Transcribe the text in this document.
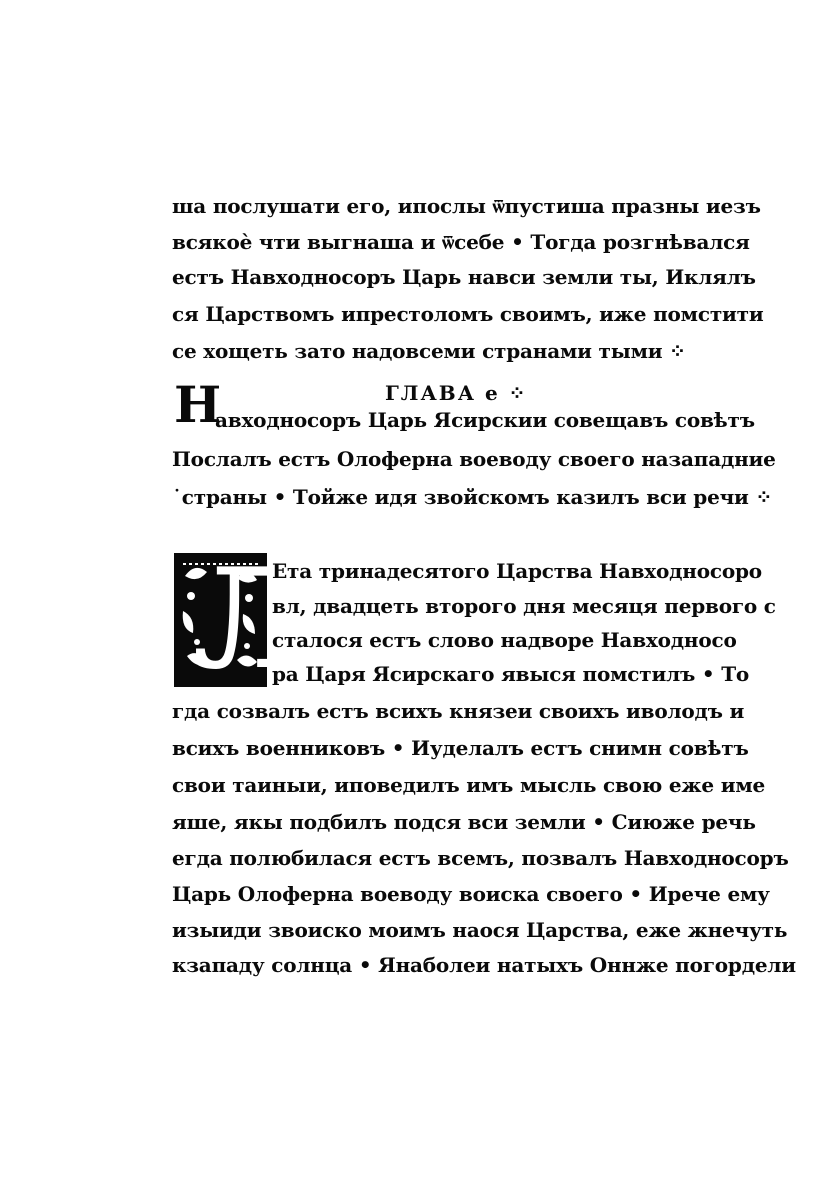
ша послушати его, ипослы ѿпустиша празны иезъ
всякоѐ чти выгнаша и ѿсебе • Тогда розгнѣвался
естъ Навходносоръ Царь навси земли ты, Иклялъ
ся Царствомъ ипрестоломъ своимъ, иже помстити
се хощеть зато надовсеми странами тыми ⁘
ГЛАВА е ⁘
Н
авходносоръ Царь Ясирскии совещавъ совѣтъ
Послалъ естъ Олоферна воеводу своего назападние
˙страны • Тойже идя звойскомъ казилъ вси речи ⁘
Л
Ета тринадесятого Царства Навходносоро
вл, двадцеть второго дня месяця первого с
сталося естъ слово надворе Навходносо
ра Царя Ясирскаго явыся помстилъ • То
гда созвалъ естъ всихъ князеи своихъ иволодъ и
всихъ военниковъ • Иуделалъ естъ снимн совѣтъ
свои таиныи, иповедилъ имъ мысль свою еже име
яше, якы подбилъ подся вси земли • Сиюже речь
егда полюбилася естъ всемъ, позвалъ Навходносоръ
Царь Олоферна воеводу воиска своего • Ирече ему
изыиди звоиско моимъ наося Царства, еже жнечуть
кзападу солнца • Янаболеи натыхъ Оннже погордели
